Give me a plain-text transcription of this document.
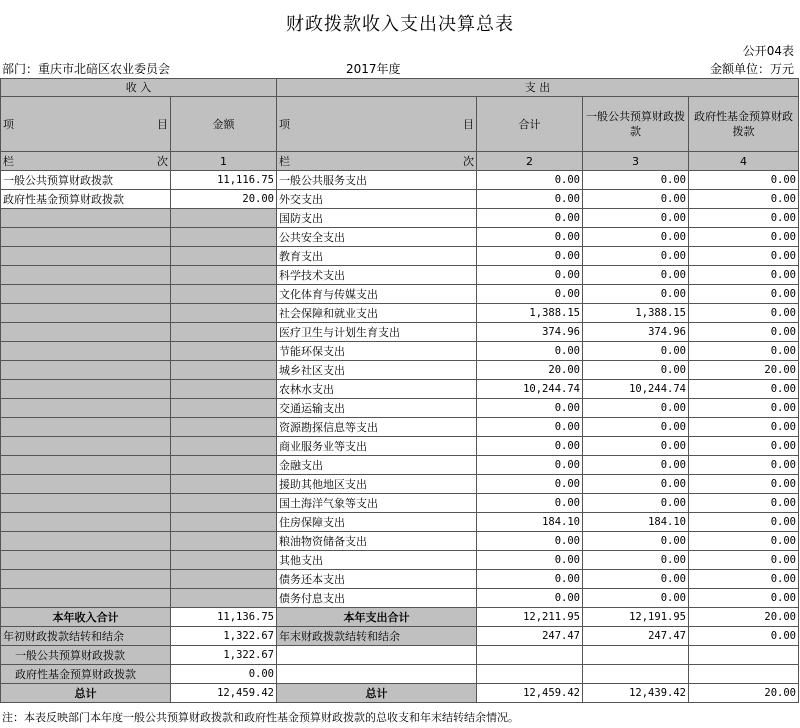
财政拨款收入支出决算总表
公开04表
部门：重庆市北碚区农业委员会	2017年度	金额单位：万元
收 入		支 出			

项 目	金额	项 目	合计	一般公共预算财政拨款	政府性基金预算财政拨款

栏 次	1	栏 次	2	3	4
一般公共预算财政拨款	11,116.75	一般公共服务支出	0.00	0.00	0.00
政府性基金预算财政拨款	20.00	外交支出	0.00	0.00	0.00
		国防支出	0.00	0.00	0.00
		公共安全支出	0.00	0.00	0.00
		教育支出	0.00	0.00	0.00
		科学技术支出	0.00	0.00	0.00
		文化体育与传媒支出	0.00	0.00	0.00
		社会保障和就业支出	1,388.15	1,388.15	0.00
		医疗卫生与计划生育支出	374.96	374.96	0.00
		节能环保支出	0.00	0.00	0.00
		城乡社区支出	20.00	0.00	20.00
		农林水支出	10,244.74	10,244.74	0.00
		交通运输支出	0.00	0.00	0.00
		资源勘探信息等支出	0.00	0.00	0.00
		商业服务业等支出	0.00	0.00	0.00
		金融支出	0.00	0.00	0.00
		援助其他地区支出	0.00	0.00	0.00
		国土海洋气象等支出	0.00	0.00	0.00
		住房保障支出	184.10	184.10	0.00
		粮油物资储备支出	0.00	0.00	0.00
		其他支出	0.00	0.00	0.00
		债务还本支出	0.00	0.00	0.00
		债务付息支出	0.00	0.00	0.00
本年收入合计	11,136.75	本年支出合计	12,211.95	12,191.95	20.00
年初财政拨款结转和结余	1,322.67	年末财政拨款结转和结余	247.47	247.47	0.00
一般公共预算财政拨款	1,322.67				
政府性基金预算财政拨款	0.00				
总计	12,459.42	总计	12,459.42	12,439.42	20.00
注：本表反映部门本年度一般公共预算财政拨款和政府性基金预算财政拨款的总收支和年末结转结余情况。
